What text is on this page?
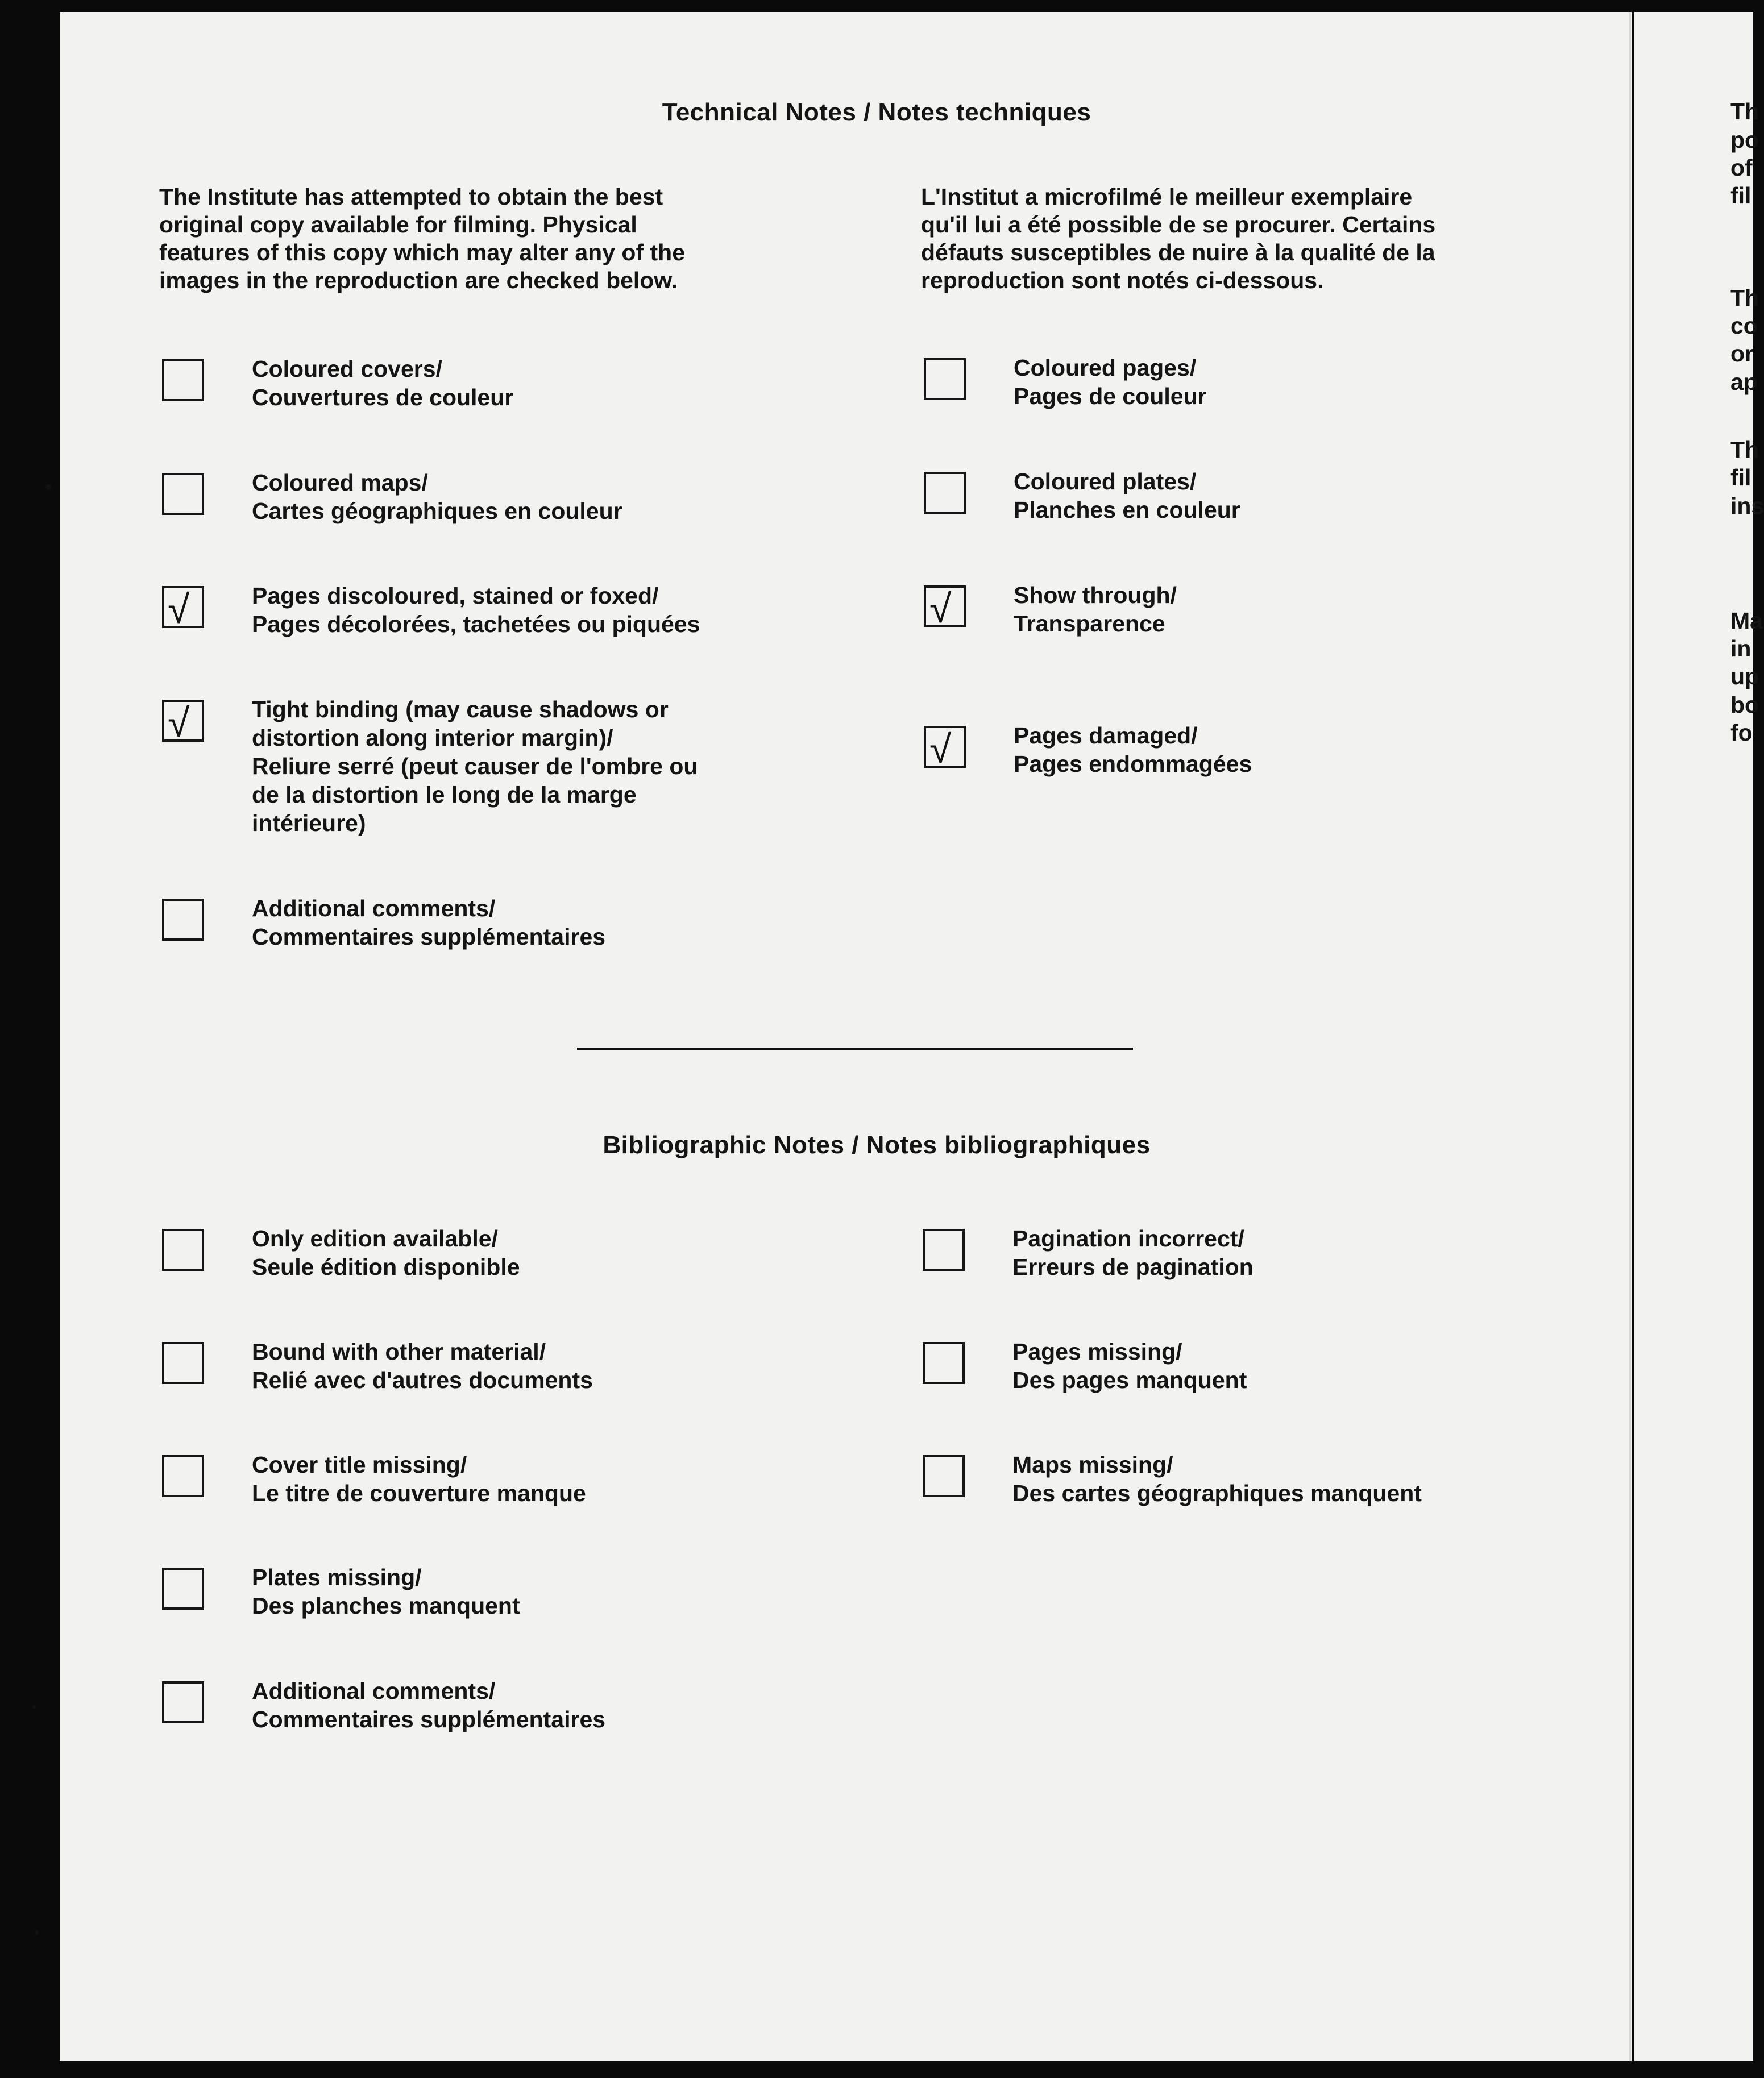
Technical Notes / Notes techniques
The Institute has attempted to obtain the best
original copy available for filming. Physical
features of this copy which may alter any of the
images in the reproduction are checked below.
L'Institut a microfilmé le meilleur exemplaire
qu'il lui a été possible de se procurer. Certains
défauts susceptibles de nuire à la qualité de la
reproduction sont notés ci-dessous.
Coloured covers/
Couvertures de couleur
Coloured maps/
Cartes géographiques en couleur
√	Pages discoloured, stained or foxed/
Pages décolorées, tachetées ou piquées
√	Tight binding (may cause shadows or
distortion along interior margin)/
Reliure serré (peut causer de l'ombre ou
de la distortion le long de la marge
intérieure)
Additional comments/
Commentaires supplémentaires
Coloured pages/
Pages de couleur
Coloured plates/
Planches en couleur
√	Show through/
Transparence
√	Pages damaged/
Pages endommagées
Bibliographic Notes / Notes bibliographiques
Only edition available/
Seule édition disponible
Bound with other material/
Relié avec d'autres documents
Cover title missing/
Le titre de couverture manque
Plates missing/
Des planches manquent
Additional comments/
Commentaires supplémentaires
Pagination incorrect/
Erreurs de pagination
Pages missing/
Des pages manquent
Maps missing/
Des cartes géographiques manquent
Th
po
of
fil
Th
co
or
ap
Th
fil
ins
Ma
in
up
bo
fo
